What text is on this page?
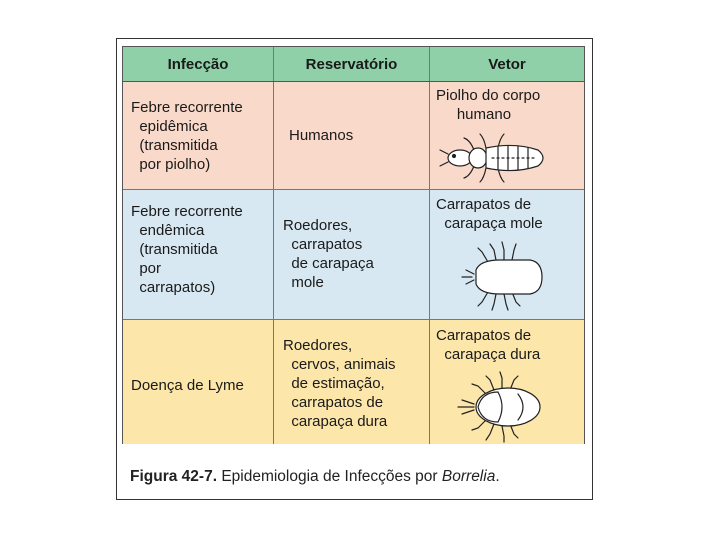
Infecção	Reservatório	Vetor
Febre recorrente
epidêmica
(transmitida
por piolho)
Humanos
Piolho do corpo
humano
Febre recorrente
endêmica
(transmitida
por
carrapatos)
Roedores,
carrapatos
de carapaça
mole
Carrapatos de
carapaça mole
Doença de Lyme
Roedores,
cervos, animais
de estimação,
carrapatos de
carapaça dura
Carrapatos de
carapaça dura
Figura 42-7. Epidemiologia de Infecções por Borrelia.
